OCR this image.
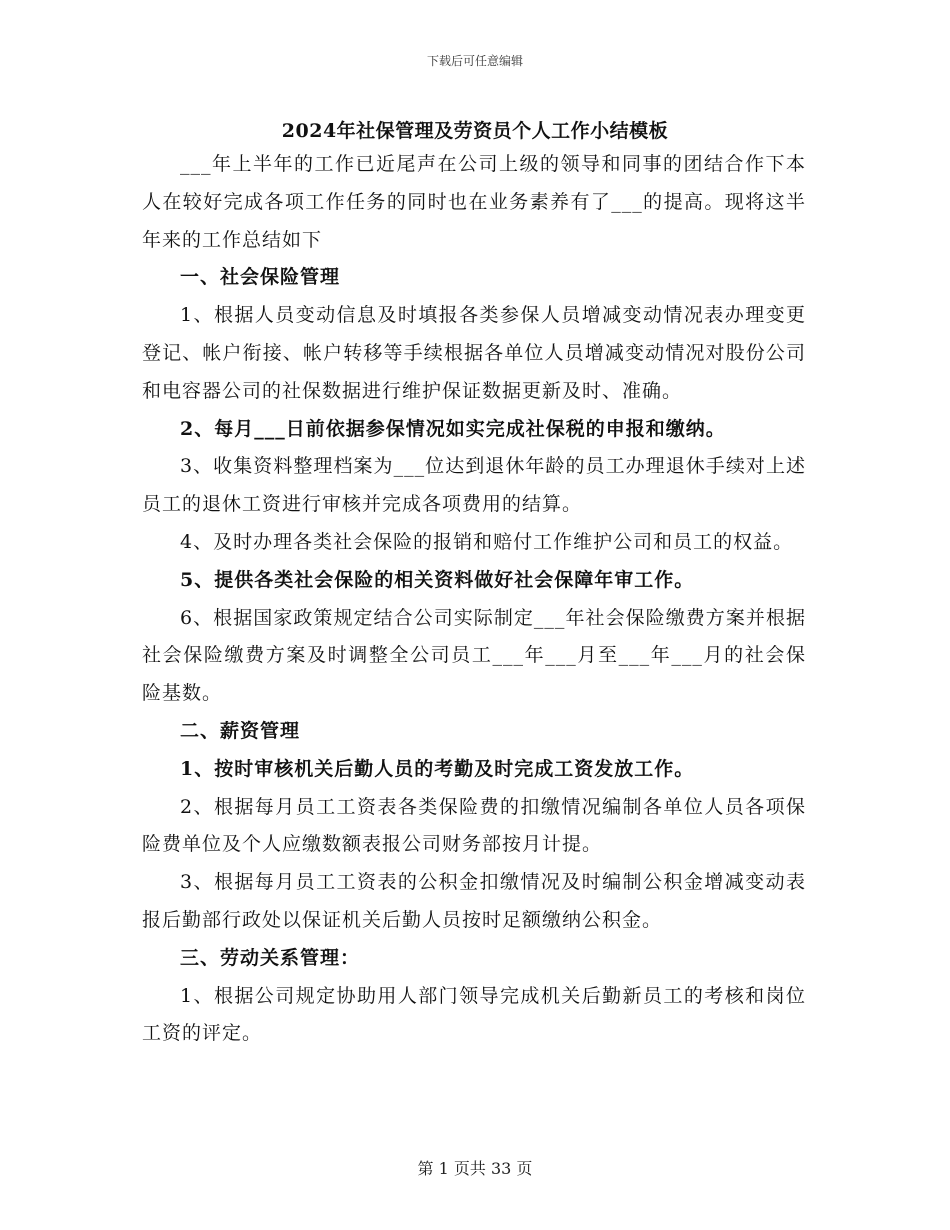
下载后可任意编辑
2024年社保管理及劳资员个人工作小结模板

___年上半年的工作已近尾声在公司上级的领导和同事的团结合作下本人在较好完成各项工作任务的同时也在业务素养有了___的提高。现将这半年来的工作总结如下

一、社会保险管理

1、根据人员变动信息及时填报各类参保人员增减变动情况表办理变更登记、帐户衔接、帐户转移等手续根据各单位人员增减变动情况对股份公司和电容器公司的社保数据进行维护保证数据更新及时、准确。

2、每月___日前依据参保情况如实完成社保税的申报和缴纳。

3、收集资料整理档案为___位达到退休年龄的员工办理退休手续对上述员工的退休工资进行审核并完成各项费用的结算。

4、及时办理各类社会保险的报销和赔付工作维护公司和员工的权益。

5、提供各类社会保险的相关资料做好社会保障年审工作。

6、根据国家政策规定结合公司实际制定___年社会保险缴费方案并根据社会保险缴费方案及时调整全公司员工___年___月至___年___月的社会保险基数。

二、薪资管理

1、按时审核机关后勤人员的考勤及时完成工资发放工作。

2、根据每月员工工资表各类保险费的扣缴情况编制各单位人员各项保险费单位及个人应缴数额表报公司财务部按月计提。

3、根据每月员工工资表的公积金扣缴情况及时编制公积金增减变动表报后勤部行政处以保证机关后勤人员按时足额缴纳公积金。

三、劳动关系管理：

1、根据公司规定协助用人部门领导完成机关后勤新员工的考核和岗位工资的评定。

第 1 页共 33 页
